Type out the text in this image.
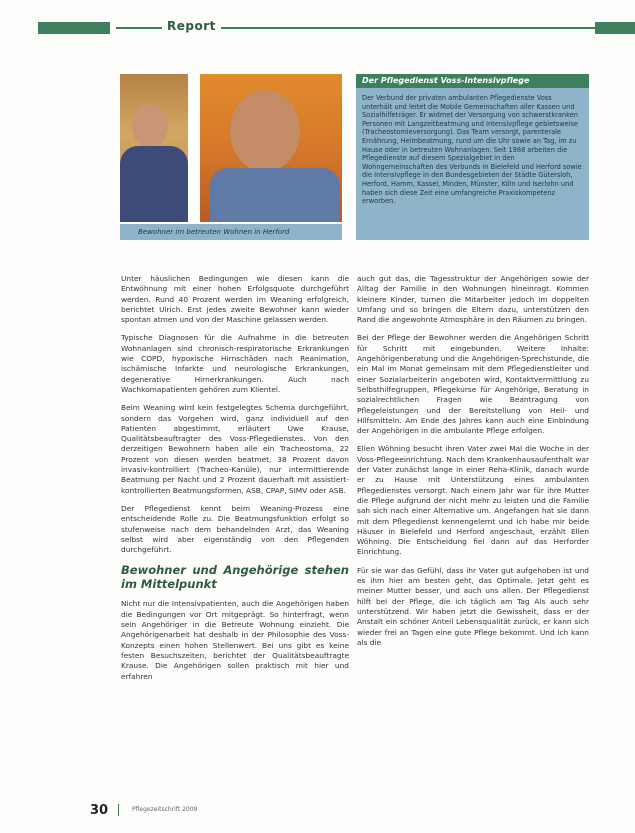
Report
Bewohner im betreuten Wohnen in Herford
Der Pflegedienst Voss-Intensivpflege
Der Verbund der privaten ambulanten Pflegedienste Voss unterhält und leitet die Mobile Gemeinschaften aller Kassen und Sozialhilfeträger. Er widmet der Versorgung von schwerstkranken Personen mit Langzeitbeatmung und Intensivpflege gebietsweise (Tracheostomieversorgung). Das Team versorgt, parenterale Ernährung, Heimbeatmung, rund um die Uhr sowie an Tag, im zu Hause oder in betreuten Wohnanlagen. Seit 1988 arbeiten die Pflegedienste auf diesem Spezialgebiet in den Wohngemeinschaften des Verbunds in Bielefeld und Herford sowie die Intensivpflege in den Bundesgebieten der Städte Gütersloh, Herford, Hamm, Kassel, Minden, Münster, Köln und Iserlohn und haben sich diese Zeit eine umfangreiche Praxiskompetenz erworben.

Unter häuslichen Bedingungen wie diesen kann die Entwöhnung mit einer hohen Erfolgsquote durchgeführt werden. Rund 40 Prozent werden im Weaning erfolgreich, berichtet Ulrich. Erst jedes zweite Bewohner kann wieder spontan atmen und von der Maschine gelassen werden.

Typische Diagnosen für die Aufnahme in die betreuten Wohnanlagen sind chronisch-respiratorische Erkrankungen wie COPD, hypoxische Hirnschäden nach Reanimation, ischämische Infarkte und neurologische Erkrankungen, degenerative Hirnerkrankungen. Auch nach Wachkomapatienten gehören zum Klientel.

Beim Weaning wird kein festgelegtes Schema durchgeführt, sondern das Vorgehen wird, ganz individuell auf den Patienten abgestimmt, erläutert Uwe Krause, Qualitätsbeauftragter des Voss-Pflegedienstes. Von den derzeitigen Bewohnern haben alle ein Tracheostoma, 22 Prozent von diesen werden beatmet, 38 Prozent davon invasiv-kontrolliert (Tracheo-Kanüle), nur intermittierende Beatmung per Nacht und 2 Prozent dauerhaft mit assistiert-kontrollierten Beatmungsformen, ASB, CPAP, SIMV oder ASB.

Der Pflegedienst kennt beim Weaning-Prozess eine entscheidende Rolle zu. Die Beatmungsfunktion erfolgt so stufenweise nach dem behandelnden Arzt, das Weaning selbst wird aber eigenständig von den Pflegenden durchgeführt.

Bewohner und Angehörige stehen im Mittelpunkt

Nicht nur die Intensivpatienten, auch die Angehörigen haben die Bedingungen vor Ort mitgeprägt. So hinterfragt, wenn sein Angehöriger in die Betreute Wohnung einzieht. Die Angehörigenarbeit hat deshalb in der Philosophie des Voss-Konzepts einen hohen Stellenwert. Bei uns gibt es keine festen Besuchszeiten, berichtet der Qualitätsbeauftragte Krause. Die Angehörigen sollen praktisch mit hier und erfahren

auch gut das, die Tagesstruktur der Angehörigen sowie der Alltag der Familie in den Wohnungen hineinragt. Kommen kleinere Kinder, turnen die Mitarbeiter jedoch im doppelten Umfang und so bringen die Eltern dazu, unterstützen den Rand die angewohnte Atmosphäre in den Räumen zu bringen.

Bei der Pflege der Bewohner werden die Angehörigen Schritt für Schritt mit eingebunden. Weitere Inhalte: Angehörigenberatung und die Angehörigen-Sprechstunde, die ein Mal im Monat gemeinsam mit dem Pflegedienstleiter und einer Sozialarbeiterin angeboten wird, Kontaktvermittlung zu Selbsthilfegruppen, Pflegekurse für Angehörige, Beratung in sozialrechtlichen Fragen wie Beantragung von Pflegeleistungen und der Bereitstellung von Heil- und Hilfsmitteln. Am Ende des Jahres kann auch eine Einbindung der Angehörigen in die ambulante Pflege erfolgen.

Ellen Wöhning besucht ihren Vater zwei Mal die Woche in der Voss-Pflegeeinrichtung. Nach dem Krankenhausaufenthalt war der Vater zunächst lange in einer Reha-Klinik, danach wurde er zu Hause mit Unterstützung eines ambulanten Pflegedienstes versorgt. Nach einem Jahr war für ihre Mutter die Pflege aufgrund der nicht mehr zu leisten und die Familie sah sich nach einer Alternative um. Angefangen hat sie dann mit dem Pflegedienst kennengelernt und ich habe mir beide Häuser in Bielefeld und Herford angeschaut, erzählt Ellen Wöhning. Die Entscheidung fiel dann auf das Herforder Einrichtung.

Für sie war das Gefühl, dass ihr Vater gut aufgehoben ist und es ihm hier am besten geht, das Optimale. Jetzt geht es meiner Mutter besser, und auch uns allen. Der Pflegedienst hilft bei der Pflege, die ich täglich am Tag Als auch sehr unterstützend. Wir haben jetzt die Gewissheit, dass er der Anstalt ein schöner Anteil Lebensqualität zurück, er kann sich wieder frei an Tagen eine gute Pflege bekommt. Und ich kann als die

30	Pflegezeitschrift 2009
